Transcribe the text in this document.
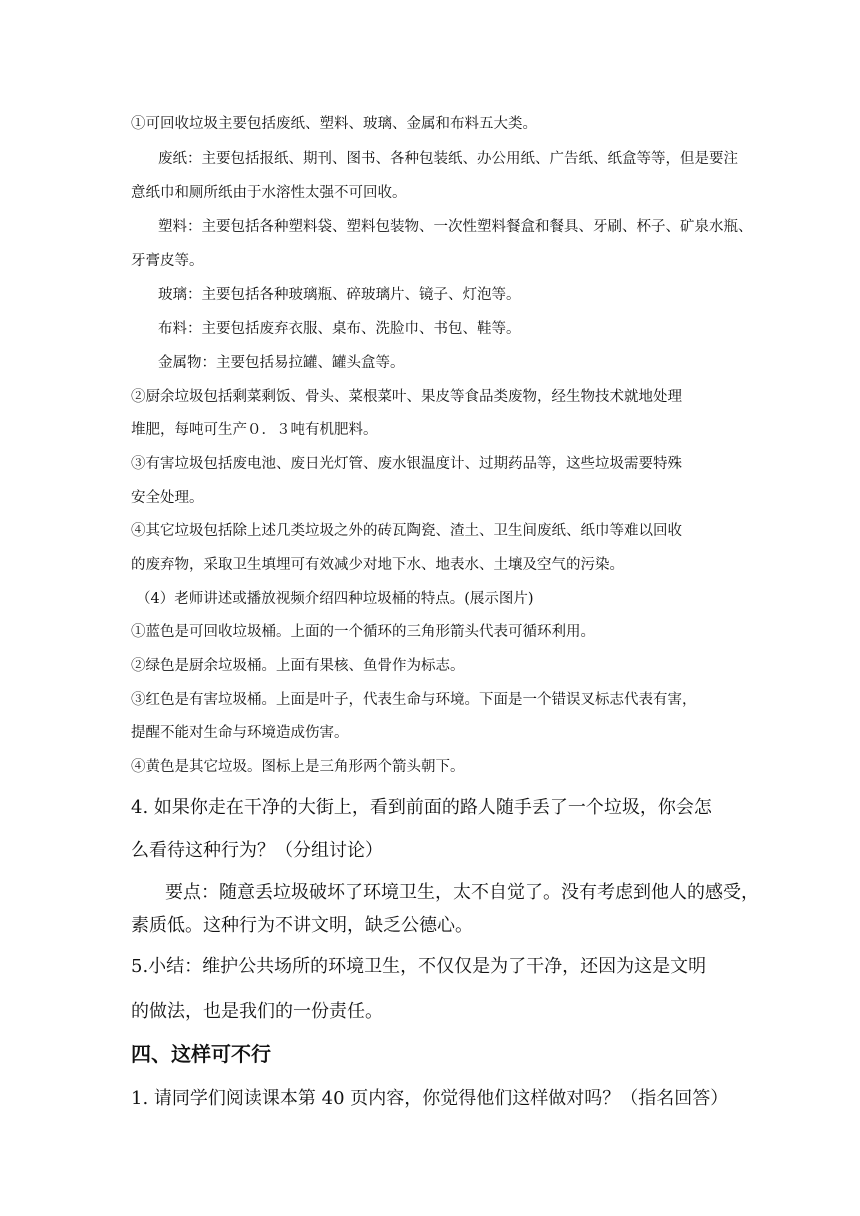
①可回收垃圾主要包括废纸、塑料、玻璃、金属和布料五大类。

废纸：主要包括报纸、期刊、图书、各种包装纸、办公用纸、广告纸、纸盒等等，但是要注

意纸巾和厕所纸由于水溶性太强不可回收。

塑料：主要包括各种塑料袋、塑料包装物、一次性塑料餐盒和餐具、牙刷、杯子、矿泉水瓶、

牙膏皮等。

玻璃：主要包括各种玻璃瓶、碎玻璃片、镜子、灯泡等。

布料：主要包括废弃衣服、桌布、洗脸巾、书包、鞋等。

金属物：主要包括易拉罐、罐头盒等。

②厨余垃圾包括剩菜剩饭、骨头、菜根菜叶、果皮等食品类废物，经生物技术就地处理

堆肥，每吨可生产０．３吨有机肥料。

③有害垃圾包括废电池、废日光灯管、废水银温度计、过期药品等，这些垃圾需要特殊

安全处理。

④其它垃圾包括除上述几类垃圾之外的砖瓦陶瓷、渣土、卫生间废纸、纸巾等难以回收

的废弃物，采取卫生填埋可有效减少对地下水、地表水、土壤及空气的污染。

（4）老师讲述或播放视频介绍四种垃圾桶的特点。(展示图片)

①蓝色是可回收垃圾桶。上面的一个循环的三角形箭头代表可循环利用。

②绿色是厨余垃圾桶。上面有果核、鱼骨作为标志。

③红色是有害垃圾桶。上面是叶子，代表生命与环境。下面是一个错误叉标志代表有害，

提醒不能对生命与环境造成伤害。

④黄色是其它垃圾。图标上是三角形两个箭头朝下。

4. 如果你走在干净的大街上，看到前面的路人随手丢了一个垃圾，你会怎

么看待这种行为？（分组讨论）

要点：随意丢垃圾破坏了环境卫生，太不自觉了。没有考虑到他人的感受，

素质低。这种行为不讲文明，缺乏公德心。

5.小结：维护公共场所的环境卫生，不仅仅是为了干净，还因为这是文明

的做法，也是我们的一份责任。

四、这样可不行

1. 请同学们阅读课本第 40 页内容，你觉得他们这样做对吗？（指名回答）
